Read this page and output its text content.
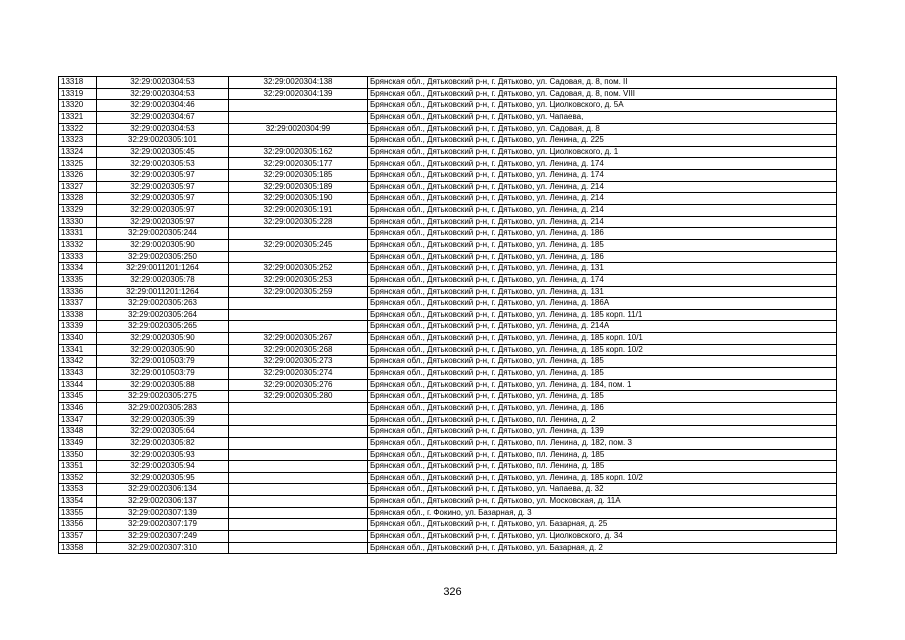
13318	32:29:0020304:53	32:29:0020304:138	Брянская обл., Дятьковский р-н, г. Дятьково, ул. Садовая, д. 8, пом. II
13319	32:29:0020304:53	32:29:0020304:139	Брянская обл., Дятьковский р-н, г. Дятьково, ул. Садовая, д. 8, пом. VIII
13320	32:29:0020304:46		Брянская обл., Дятьковский р-н, г. Дятьково, ул. Циолковского, д. 5А
13321	32:29:0020304:67		Брянская обл., Дятьковский р-н, г. Дятьково, ул. Чапаева,
13322	32:29:0020304:53	32:29:0020304:99	Брянская обл., Дятьковский р-н, г. Дятьково, ул. Садовая, д. 8
13323	32:29:0020305:101		Брянская обл., Дятьковский р-н, г. Дятьково, ул. Ленина, д. 225
13324	32:29:0020305:45	32:29:0020305:162	Брянская обл., Дятьковский р-н, г. Дятьково, ул. Циолковского, д. 1
13325	32:29:0020305:53	32:29:0020305:177	Брянская обл., Дятьковский р-н, г. Дятьково, ул. Ленина, д. 174
13326	32:29:0020305:97	32:29:0020305:185	Брянская обл., Дятьковский р-н, г. Дятьково, ул. Ленина, д. 174
13327	32:29:0020305:97	32:29:0020305:189	Брянская обл., Дятьковский р-н, г. Дятьково, ул. Ленина, д. 214
13328	32:29:0020305:97	32:29:0020305:190	Брянская обл., Дятьковский р-н, г. Дятьково, ул. Ленина, д. 214
13329	32:29:0020305:97	32:29:0020305:191	Брянская обл., Дятьковский р-н, г. Дятьково, ул. Ленина, д. 214
13330	32:29:0020305:97	32:29:0020305:228	Брянская обл., Дятьковский р-н, г. Дятьково, ул. Ленина, д. 214
13331	32:29:0020305:244		Брянская обл., Дятьковский р-н, г. Дятьково, ул. Ленина, д. 186
13332	32:29:0020305:90	32:29:0020305:245	Брянская обл., Дятьковский р-н, г. Дятьково, ул. Ленина, д. 185
13333	32:29:0020305:250		Брянская обл., Дятьковский р-н, г. Дятьково, ул. Ленина, д. 186
13334	32:29:0011201:1264	32:29:0020305:252	Брянская обл., Дятьковский р-н, г. Дятьково, ул. Ленина, д. 131
13335	32:29:0020305:78	32:29:0020305:253	Брянская обл., Дятьковский р-н, г. Дятьково, ул. Ленина, д. 174
13336	32:29:0011201:1264	32:29:0020305:259	Брянская обл., Дятьковский р-н, г. Дятьково, ул. Ленина, д. 131
13337	32:29:0020305:263		Брянская обл., Дятьковский р-н, г. Дятьково, ул. Ленина, д. 186А
13338	32:29:0020305:264		Брянская обл., Дятьковский р-н, г. Дятьково, ул. Ленина, д. 185 корп. 11/1
13339	32:29:0020305:265		Брянская обл., Дятьковский р-н, г. Дятьково, ул. Ленина, д. 214А
13340	32:29:0020305:90	32:29:0020305:267	Брянская обл., Дятьковский р-н, г. Дятьково, ул. Ленина, д. 185 корп. 10/1
13341	32:29:0020305:90	32:29:0020305:268	Брянская обл., Дятьковский р-н, г. Дятьково, ул. Ленина, д. 185 корп. 10/2
13342	32:29:0010503:79	32:29:0020305:273	Брянская обл., Дятьковский р-н, г. Дятьково, ул. Ленина, д. 185
13343	32:29:0010503:79	32:29:0020305:274	Брянская обл., Дятьковский р-н, г. Дятьково, ул. Ленина, д. 185
13344	32:29:0020305:88	32:29:0020305:276	Брянская обл., Дятьковский р-н, г. Дятьково, ул. Ленина, д. 184, пом. 1
13345	32:29:0020305:275	32:29:0020305:280	Брянская обл., Дятьковский р-н, г. Дятьково, ул. Ленина, д. 185
13346	32:29:0020305:283		Брянская обл., Дятьковский р-н, г. Дятьково, ул. Ленина, д. 186
13347	32:29:0020305:39		Брянская обл., Дятьковский р-н, г. Дятьково, пл. Ленина, д. 2
13348	32:29:0020305:64		Брянская обл., Дятьковский р-н, г. Дятьково, ул. Ленина, д. 139
13349	32:29:0020305:82		Брянская обл., Дятьковский р-н, г. Дятьково, пл. Ленина, д. 182, пом. 3
13350	32:29:0020305:93		Брянская обл., Дятьковский р-н, г. Дятьково, пл. Ленина, д. 185
13351	32:29:0020305:94		Брянская обл., Дятьковский р-н, г. Дятьково, пл. Ленина, д. 185
13352	32:29:0020305:95		Брянская обл., Дятьковский р-н, г. Дятьково, ул. Ленина, д. 185 корп. 10/2
13353	32:29:0020306:134		Брянская обл., Дятьковский р-н, г. Дятьково, ул. Чапаева, д. 32
13354	32:29:0020306:137		Брянская обл., Дятьковский р-н, г. Дятьково, ул. Московская, д. 11А
13355	32:29:0020307:139		Брянская обл., г. Фокино, ул. Базарная, д. 3
13356	32:29:0020307:179		Брянская обл., Дятьковский р-н, г. Дятьково, ул. Базарная, д. 25
13357	32:29:0020307:249		Брянская обл., Дятьковский р-н, г. Дятьково, ул. Циолковского, д. 34
13358	32:29:0020307:310		Брянская обл., Дятьковский р-н, г. Дятьково, ул. Базарная, д. 2
326
